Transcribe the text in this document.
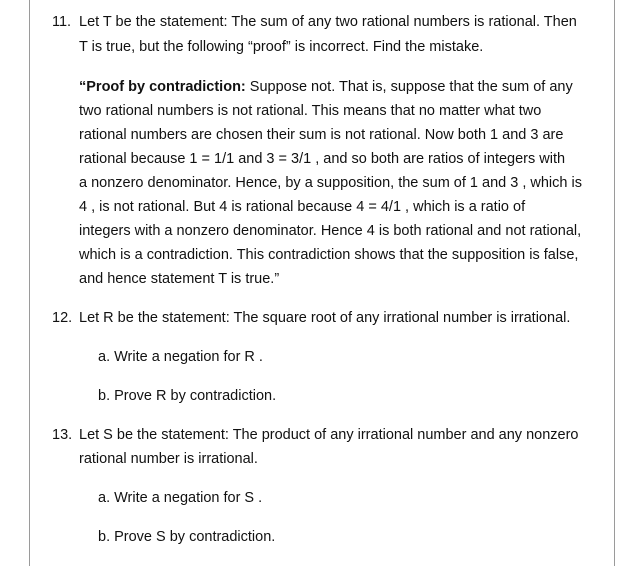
11. Let T be the statement: The sum of any two rational numbers is rational. Then
T is true, but the following “proof” is incorrect. Find the mistake.
“Proof by contradiction: Suppose not. That is, suppose that the sum of any
two rational numbers is not rational. This means that no matter what two
rational numbers are chosen their sum is not rational. Now both 1 and 3 are
rational because 1 = 1/1 and 3 = 3/1 , and so both are ratios of integers with
a nonzero denominator. Hence, by a supposition, the sum of 1 and 3 , which is
4 , is not rational. But 4 is rational because 4 = 4/1 , which is a ratio of
integers with a nonzero denominator. Hence 4 is both rational and not rational,
which is a contradiction. This contradiction shows that the supposition is false,
and hence statement T is true.”
12. Let R be the statement: The square root of any irrational number is irrational.
a. Write a negation for R .
b. Prove R by contradiction.
13. Let S be the statement: The product of any irrational number and any nonzero
rational number is irrational.
a. Write a negation for S .
b. Prove S by contradiction.
